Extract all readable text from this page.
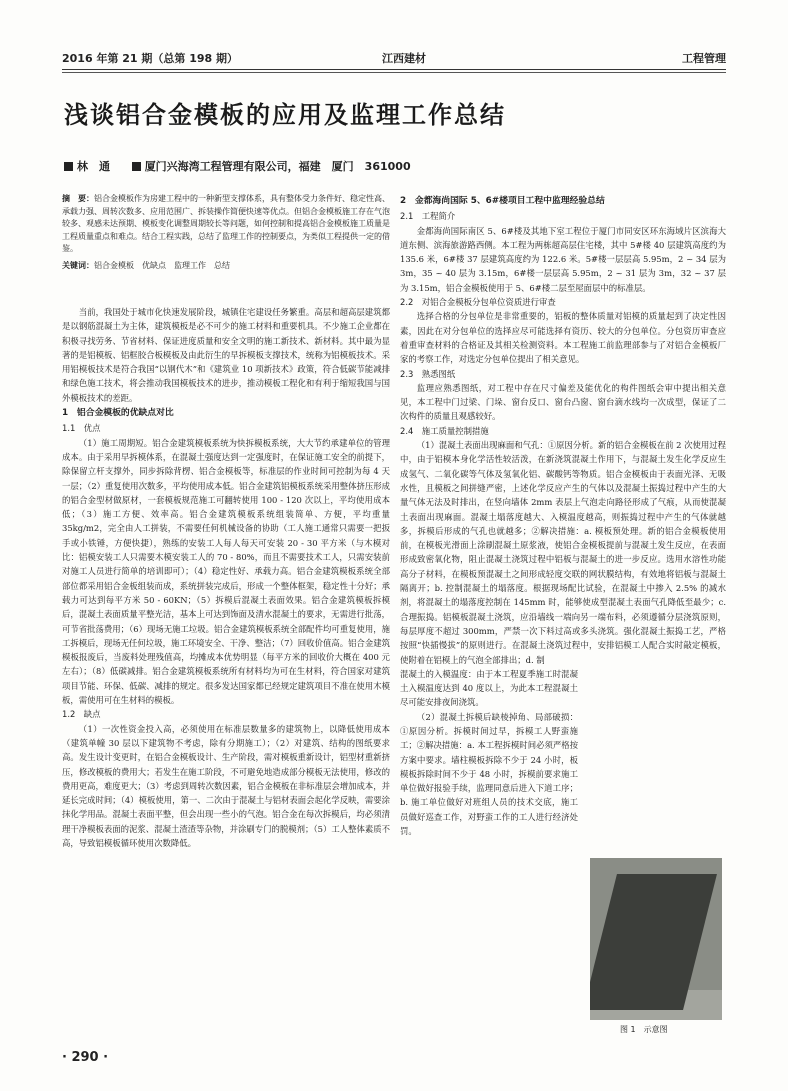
2016 年第 21 期（总第 198 期）	江西建材	工程管理
浅谈铝合金模板的应用及监理工作总结
林　通	厦门兴海湾工程管理有限公司，福建　厦门　361000
摘　要：铝合金模板作为房建工程中的一种新型支撑体系，具有整体受力条件好、稳定性高、承载力强、周转次数多、应用范围广、拆装操作简便快速等优点。但铝合金模板施工存在气泡较多、观感未达预期、模板变化调整周期较长等问题，如何控制和提高铝合金模板施工质量是工程质量重点和难点。结合工程实践，总结了监理工作的控制要点，为类似工程提供一定的借鉴。
关键词：铝合金模板　优缺点　监理工作　总结

当前，我国处于城市化快速发展阶段，城镇住宅建设任务繁重。高层和超高层建筑都是以钢筋混凝土为主体，建筑模板是必不可少的施工材料和重要机具。不少施工企业都在积极寻找劳务、节省材料、保证进度质量和安全文明的施工新技术、新材料。其中最为显著的是铝模板、铝框胶合板模板及由此衍生的早拆模板支撑技术，统称为铝模板技术。采用铝模板技术是符合我国“以钢代木”和《建筑业 10 项新技术》政策，符合低碳节能减排和绿色施工技术，将会推动我国模板技术的进步，推动模板工程化和有利于缩短我国与国外模板技术的差距。

1　铝合金模板的优缺点对比

1.1　优点

（1）施工周期短。铝合金建筑模板系统为快拆模板系统，大大节约承建单位的管理成本。由于采用早拆模体系，在混凝土强度达到一定强度时，在保证施工安全的前提下，除保留立杆支撑外，同步拆除背楞、铝合金模板等，标准层的作业时间可控制为每 4 天一层；（2）重复使用次数多，平均使用成本低。铝合金建筑铝模板系统采用整体挤压形成的铝合金型材做原材，一套模板规范施工可翻转使用 100 - 120 次以上，平均使用成本低；（3）施工方便、效率高。铝合金建筑模板系统组装简单、方便，平均重量 35kg/m2，完全由人工拼装，不需要任何机械设备的协助（工人施工通常只需要一把扳手或小铁锤，方便快捷），熟练的安装工人每人每天可安装 20 - 30 平方米（与木模对比：铝模安装工人只需要木模安装工人的 70 - 80%，而且不需要技术工人，只需安装前对施工人员进行简单的培训即可）；（4）稳定性好、承载力高。铝合金建筑模板系统全部部位都采用铝合金板组装而成，系统拼装完成后，形成一个整体框架，稳定性十分好；承载力可达到每平方米 50 - 60KN；（5）拆模后混凝土表面效果。铝合金建筑模板拆模后，混凝土表面质量平整光洁，基本上可达到饰面及清水混凝土的要求，无需进行批荡，可节省批荡费用；（6）现场无施工垃圾。铝合金建筑模板系统全部配件均可重复使用，施工拆模后，现场无任何垃圾，施工环境安全、干净、整洁；（7）回收价值高。铝合金建筑模板报废后，当废料处理残值高，均摊成本优势明显（每平方米的回收价大概在 400 元左右）；（8）低碳减排。铝合金建筑模板系统所有材料均为可在生材料，符合国家对建筑项目节能、环保、低碳、减排的规定。很多发达国家都已经规定建筑项目不准在使用木模板，需使用可在生材料的模板。

1.2　缺点

（1）一次性资金投入高，必须使用在标准层数量多的建筑物上，以降低使用成本（建筑单幢 30 层以下建筑物不考虑，除有分期施工）；（2）对建筑、结构的图纸要求高。发生设计变更时，在铝合金模板设计、生产阶段，需对模板重新设计，铝型材重新挤压，修改模板的费用大；若发生在施工阶段，不可避免地造成部分模板无法使用，修改的费用更高，难度更大；（3）考虑到周转次数因素，铝合金模板在非标准层会增加成本，并延长完成时间；（4）模板使用，第一、二次由于混凝土与铝材表面会起化学反映，需要涂抹化学用品。混凝土表面平整，但会出现一些小的气泡。铝合金在每次拆模后，均必须清理干净模板表面的泥浆、混凝土渣渣等杂物，并涂刷专门的脱模剂；（5）工人整体素质不高，导致铝模板循环使用次数降低。

2　金都海尚国际 5、6#楼项目工程中监理经验总结

2.1　工程简介

金都海尚国际南区 5、6#楼及其地下室工程位于厦门市同安区环东海域片区滨海大道东侧、滨海旅游路西侧。本工程为两栋超高层住宅楼，其中 5#楼 40 层建筑高度约为 135.6 米，6#楼 37 层建筑高度约为 122.6 米。5#楼一层层高 5.95m，2 ~ 34 层为 3m，35 ~ 40 层为 3.15m，6#楼一层层高 5.95m，2 ~ 31 层为 3m，32 ~ 37 层为 3.15m，铝合金模板使用于 5、6#楼二层至屋面层中的标准层。

2.2　对铝合金模板分包单位资质进行审查

选择合格的分包单位是非常重要的，铝板的整体质量对铝模的质量起到了决定性因素，因此在对分包单位的选择应尽可能选择有资历、较大的分包单位。分包资历审查应着重审查材料的合格证及其相关检测资料。本工程施工前监理部参与了对铝合金模板厂家的考察工作，对选定分包单位提出了相关意见。

2.3　熟悉图纸

监理应熟悉图纸，对工程中存在尺寸偏差及能优化的构件图纸会审中提出相关意见，本工程中门过梁、门垛、窗台反口、窗台凸窗、窗台滴水线均一次成型，保证了二次构件的质量且观感较好。

2.4　施工质量控制措施

（1）混凝土表面出现麻面和气孔：①原因分析。新的铝合金模板在前 2 次使用过程中，由于铝模本身化学活性较活泼，在新浇筑混凝土作用下，与混凝土发生化学反应生成氢气、二氧化碳等气体及氢氧化铝、碳酸钙等物质。铝合金模板由于表面光泽、无吸水性，且模板之间拼缝严密，上述化学反应产生的气体以及混凝土振捣过程中产生的大量气体无法及时排出，在竖向墙体 2mm 表层上气泡走向路径形成了气痕，从而使混凝土表面出现麻面。混凝土塌落度越大、入模温度越高，则振捣过程中产生的气体就越多，拆模后形成的气孔也就越多；②解决措施：a. 模板预处理。新的铝合金模板使用前，在模板光滑面上涂刷混凝土原浆液，使铝合金模板提前与混凝土发生反应，在表面形成致密氧化物，阻止混凝土浇筑过程中铝板与混凝土的进一步反应。选用水溶性功能高分子材料，在模板预混凝土之间形成轻度交联的网状膜结构，有效地将铝板与混凝土隔离开；b. 控制混凝土的塌落度。根据现场配比试验，在混凝土中掺入 2.5% 的减水剂，将混凝土的塌落度控制在 145mm 时，能够使成型混凝土表面气孔降低至最少；c. 合理振捣。铝模板混凝土浇筑，应沿墙线一端向另一端布料，必须遵循分层浇筑原则，每层厚度不超过 300mm，严禁一次下料过高或多头浇筑。强化混凝土振捣工艺，严格按照“快插慢拔”的原则进行。在混凝土浇筑过程中，安排铝模工人配合实时敲定模板，使附着在铝模上的气泡全部排出；d. 制

混凝土的入模温度：由于本工程夏季施工时混凝土入模温度达到 40 度以上，为此本工程混凝土尽可能安排夜间浇筑。

（2）混凝土拆模后缺棱掉角、局部破损：①原因分析。拆模时间过早，拆模工人野蛮施工；②解决措施：a. 本工程拆模时间必须严格按方案中要求。墙柱模板拆除不少于 24 小时，板模板拆除时间不少于 48 小时，拆模前要求施工单位做好报验手续，监理同意后进入下道工序；b. 施工单位做好对班组人员的技术交底，施工员做好巡查工作，对野蛮工作的工人进行经济处罚。

图 1　示意图
· 290 ·
